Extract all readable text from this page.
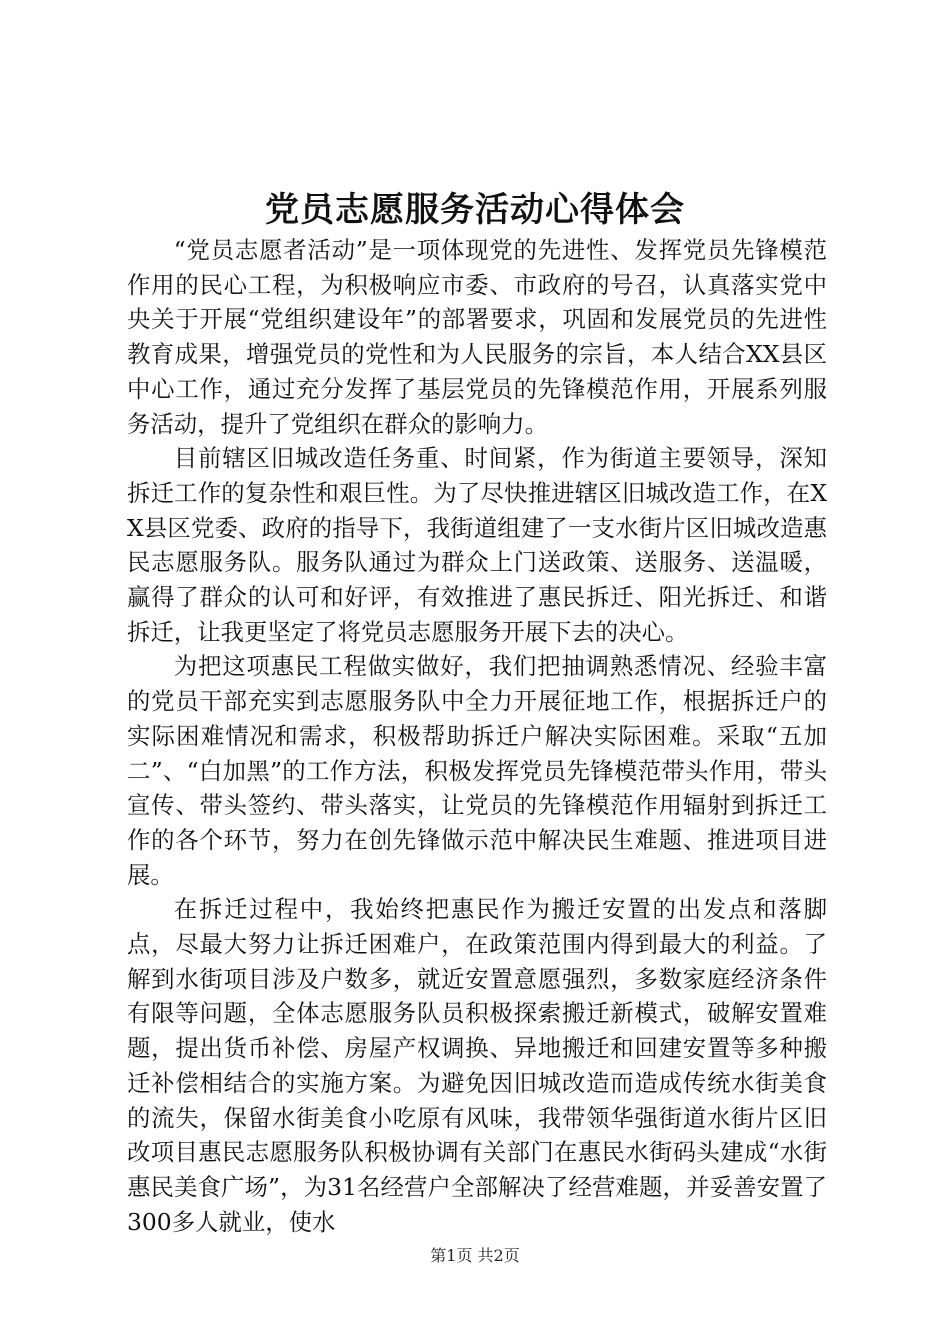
党员志愿服务活动心得体会

“党员志愿者活动”是一项体现党的先进性、发挥党员先锋模范作用的民心工程，为积极响应市委、市政府的号召，认真落实党中央关于开展“党组织建设年”的部署要求，巩固和发展党员的先进性教育成果，增强党员的党性和为人民服务的宗旨，本人结合XX县区中心工作，通过充分发挥了基层党员的先锋模范作用，开展系列服务活动，提升了党组织在群众的影响力。

目前辖区旧城改造任务重、时间紧，作为街道主要领导，深知拆迁工作的复杂性和艰巨性。为了尽快推进辖区旧城改造工作，在XX县区党委、政府的指导下，我街道组建了一支水街片区旧城改造惠民志愿服务队。服务队通过为群众上门送政策、送服务、送温暖，赢得了群众的认可和好评，有效推进了惠民拆迁、阳光拆迁、和谐拆迁，让我更坚定了将党员志愿服务开展下去的决心。

为把这项惠民工程做实做好，我们把抽调熟悉情况、经验丰富的党员干部充实到志愿服务队中全力开展征地工作，根据拆迁户的实际困难情况和需求，积极帮助拆迁户解决实际困难。采取“五加二”、“白加黑”的工作方法，积极发挥党员先锋模范带头作用，带头宣传、带头签约、带头落实，让党员的先锋模范作用辐射到拆迁工作的各个环节，努力在创先锋做示范中解决民生难题、推进项目进展。

在拆迁过程中，我始终把惠民作为搬迁安置的出发点和落脚点，尽最大努力让拆迁困难户，在政策范围内得到最大的利益。了解到水街项目涉及户数多，就近安置意愿强烈，多数家庭经济条件有限等问题，全体志愿服务队员积极探索搬迁新模式，破解安置难题，提出货币补偿、房屋产权调换、异地搬迁和回建安置等多种搬迁补偿相结合的实施方案。为避免因旧城改造而造成传统水街美食的流失，保留水街美食小吃原有风味，我带领华强街道水街片区旧改项目惠民志愿服务队积极协调有关部门在惠民水街码头建成“水街惠民美食广场”，为31名经营户全部解决了经营难题，并妥善安置了300多人就业，使水

第1页 共2页
